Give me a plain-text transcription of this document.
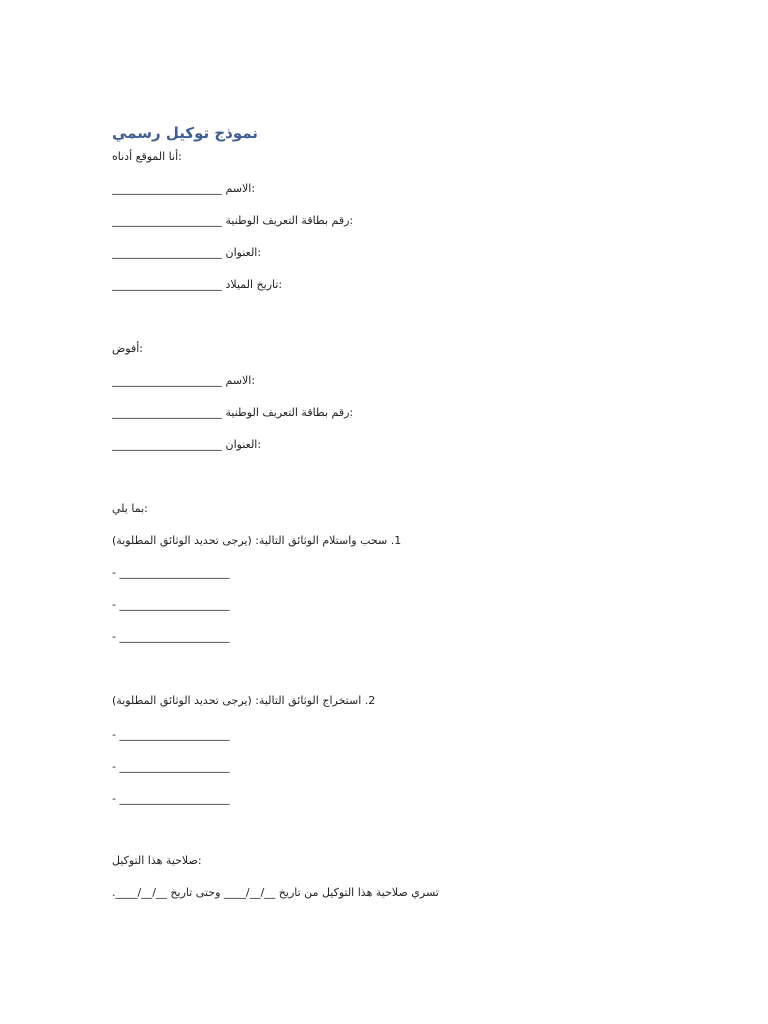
نموذج توكيل رسمي
:أنا الموقع أدناه
:الاسم ____________________
:رقم بطاقة التعريف الوطنية ____________________
:العنوان ____________________
:تاريخ الميلاد ____________________
:أفوض
:الاسم ____________________
:رقم بطاقة التعريف الوطنية ____________________
:العنوان ____________________
:بما يلي
1. سحب واستلام الوثائق التالية: (يرجى تحديد الوثائق المطلوبة)
- ____________________
- ____________________
- ____________________
2. استخراج الوثائق التالية: (يرجى تحديد الوثائق المطلوبة)
- ____________________
- ____________________
- ____________________
:صلاحية هذا التوكيل
تسري صلاحية هذا التوكيل من تاريخ __/__/____ وحتى تاريخ __/__/____.
